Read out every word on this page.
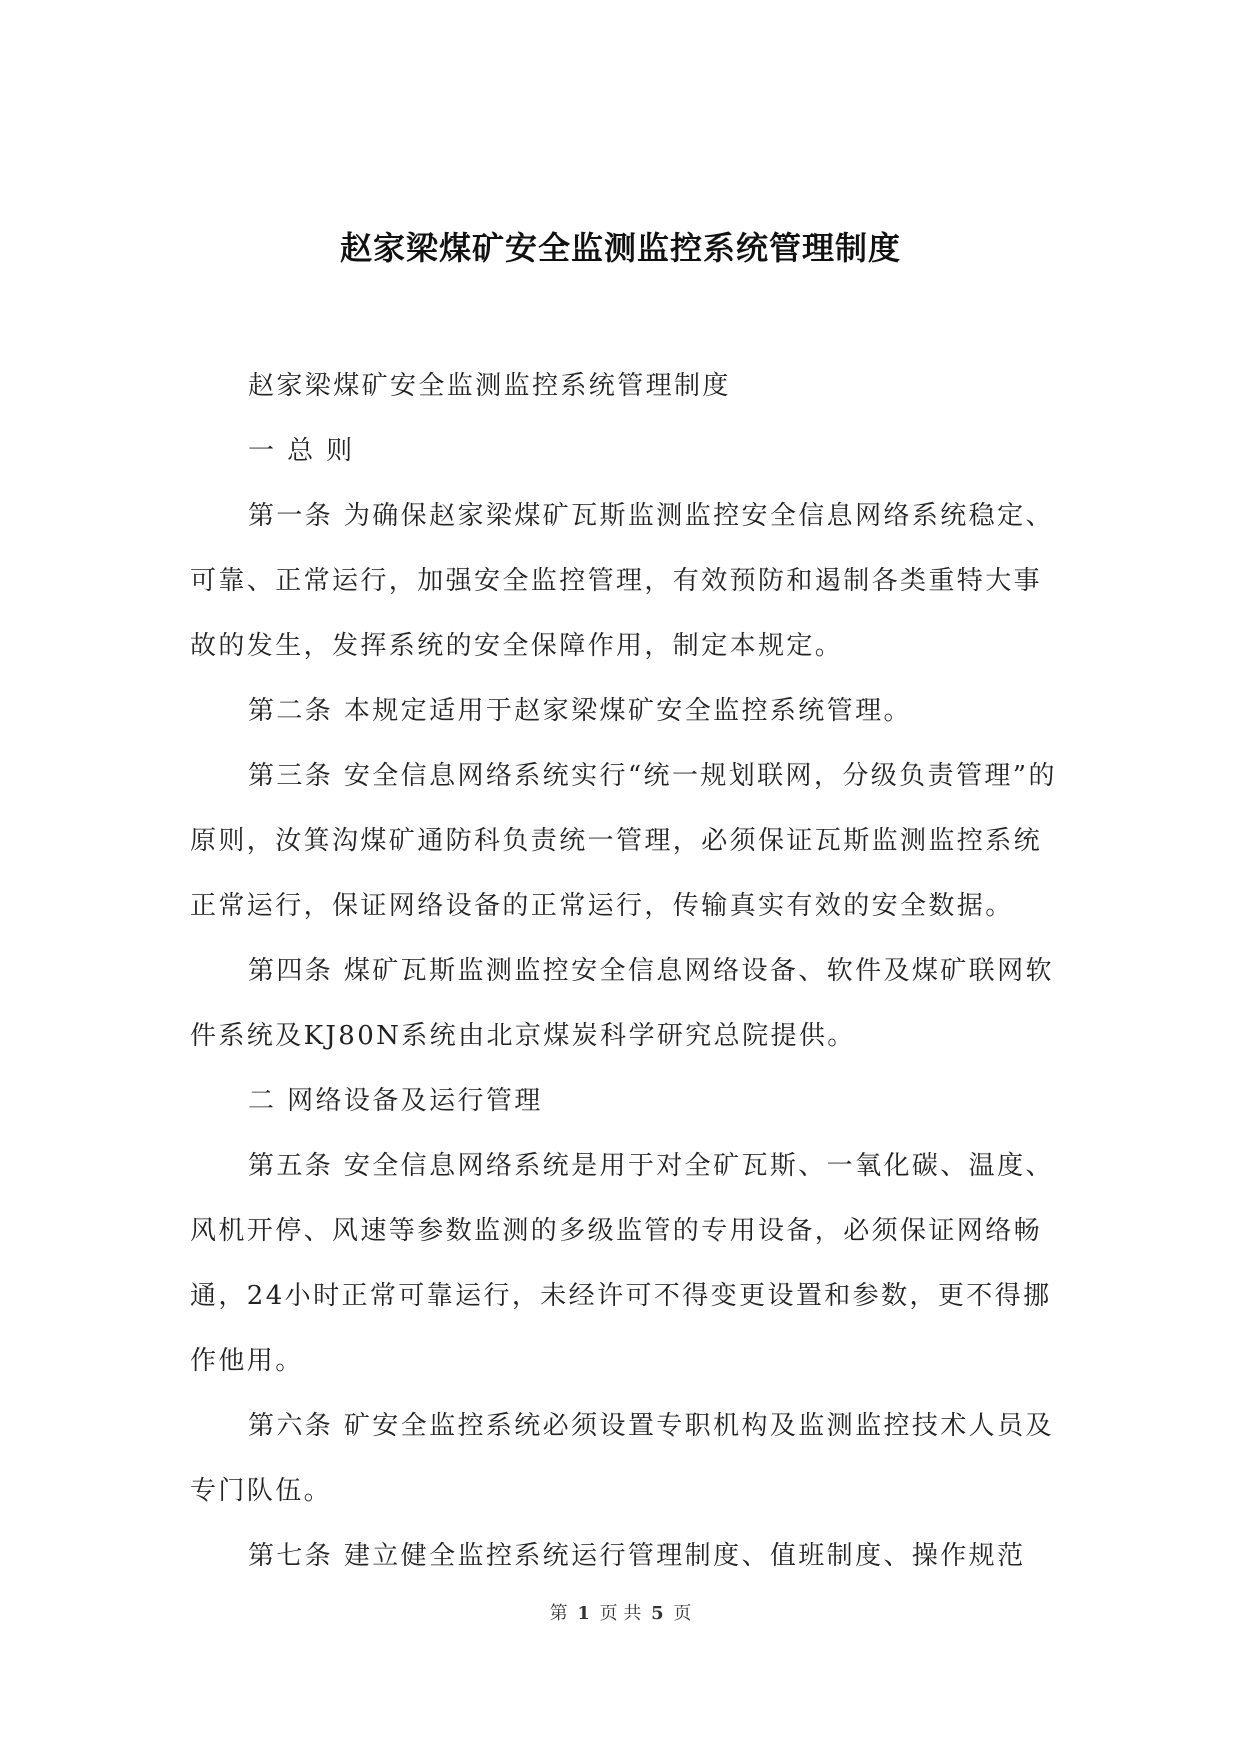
赵家梁煤矿安全监测监控系统管理制度

赵家梁煤矿安全监测监控系统管理制度

一 总 则

第一条 为确保赵家梁煤矿瓦斯监测监控安全信息网络系统稳定、可靠、正常运行，加强安全监控管理，有效预防和遏制各类重特大事故的发生，发挥系统的安全保障作用，制定本规定。

第二条 本规定适用于赵家梁煤矿安全监控系统管理。

第三条 安全信息网络系统实行“统一规划联网，分级负责管理”的原则，汝箕沟煤矿通防科负责统一管理，必须保证瓦斯监测监控系统正常运行，保证网络设备的正常运行，传输真实有效的安全数据。

第四条 煤矿瓦斯监测监控安全信息网络设备、软件及煤矿联网软件系统及KJ80N系统由北京煤炭科学研究总院提供。

二 网络设备及运行管理

第五条 安全信息网络系统是用于对全矿瓦斯、一氧化碳、温度、风机开停、风速等参数监测的多级监管的专用设备，必须保证网络畅通，24小时正常可靠运行，未经许可不得变更设置和参数，更不得挪作他用。

第六条 矿安全监控系统必须设置专职机构及监测监控技术人员及专门队伍。

第七条 建立健全监控系统运行管理制度、值班制度、操作规范

第 1 页 共 5 页
